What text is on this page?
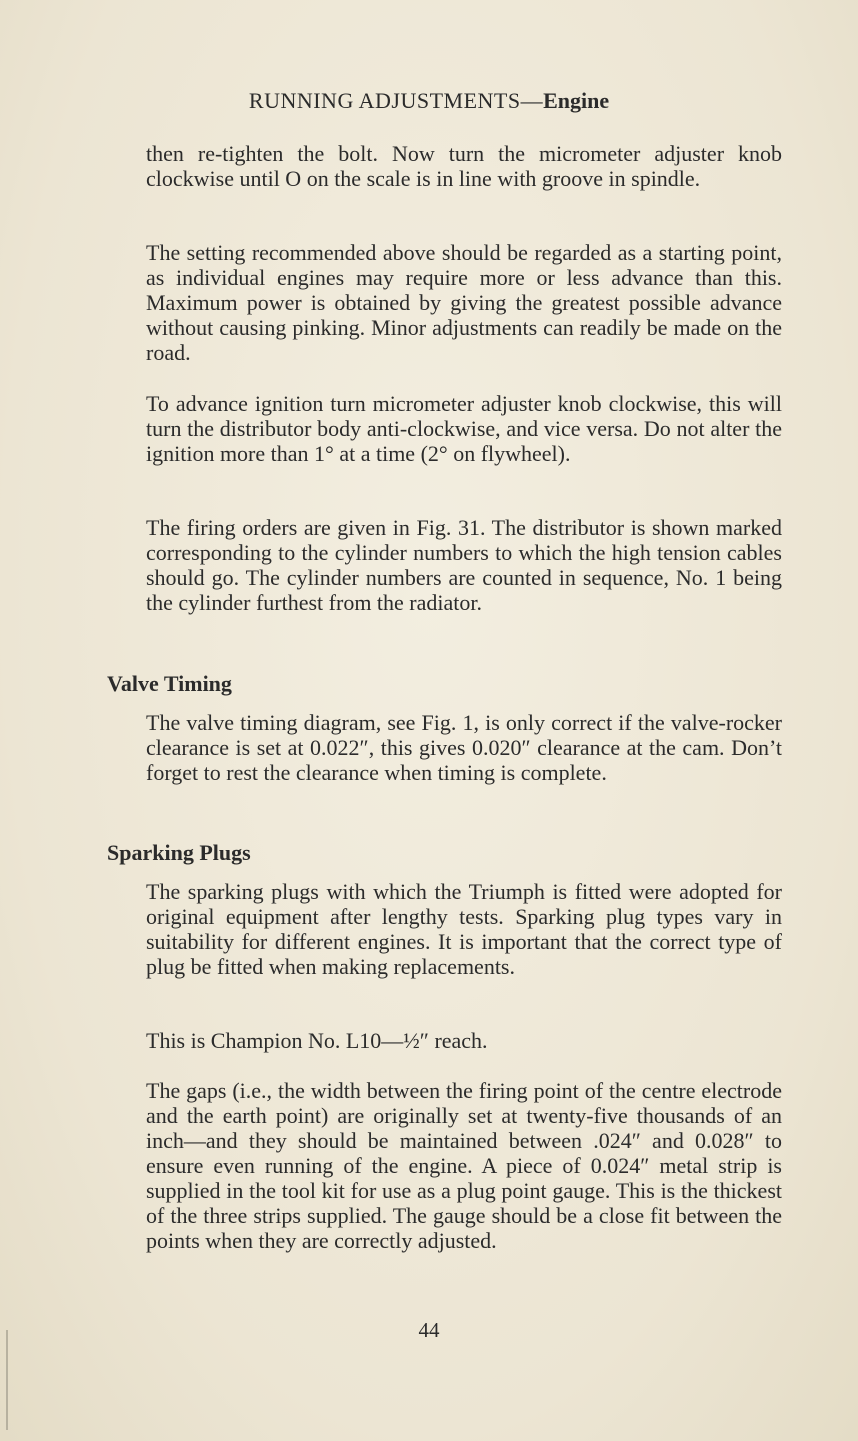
RUNNING ADJUSTMENTS—Engine

then re-tighten the bolt. Now turn the micrometer adjuster knob clockwise until O on the scale is in line with groove in spindle.

The setting recommended above should be regarded as a starting point, as individual engines may require more or less advance than this. Maximum power is obtained by giving the greatest possible advance without causing pinking. Minor adjustments can readily be made on the road.

To advance ignition turn micrometer adjuster knob clockwise, this will turn the distributor body anti-clockwise, and vice versa. Do not alter the ignition more than 1° at a time (2° on flywheel).

The firing orders are given in Fig. 31. The distributor is shown marked corresponding to the cylinder numbers to which the high tension cables should go. The cylinder numbers are counted in sequence, No. 1 being the cylinder furthest from the radiator.

Valve Timing

The valve timing diagram, see Fig. 1, is only correct if the valve-rocker clearance is set at 0.022″, this gives 0.020″ clearance at the cam. Don’t forget to rest the clearance when timing is complete.

Sparking Plugs

The sparking plugs with which the Triumph is fitted were adopted for original equipment after lengthy tests. Sparking plug types vary in suitability for different engines. It is important that the correct type of plug be fitted when making replacements.

This is Champion No. L10—½″ reach.

The gaps (i.e., the width between the firing point of the centre electrode and the earth point) are originally set at twenty-five thousands of an inch—and they should be maintained between .024″ and 0.028″ to ensure even running of the engine. A piece of 0.024″ metal strip is supplied in the tool kit for use as a plug point gauge. This is the thickest of the three strips supplied. The gauge should be a close fit between the points when they are correctly adjusted.

44
